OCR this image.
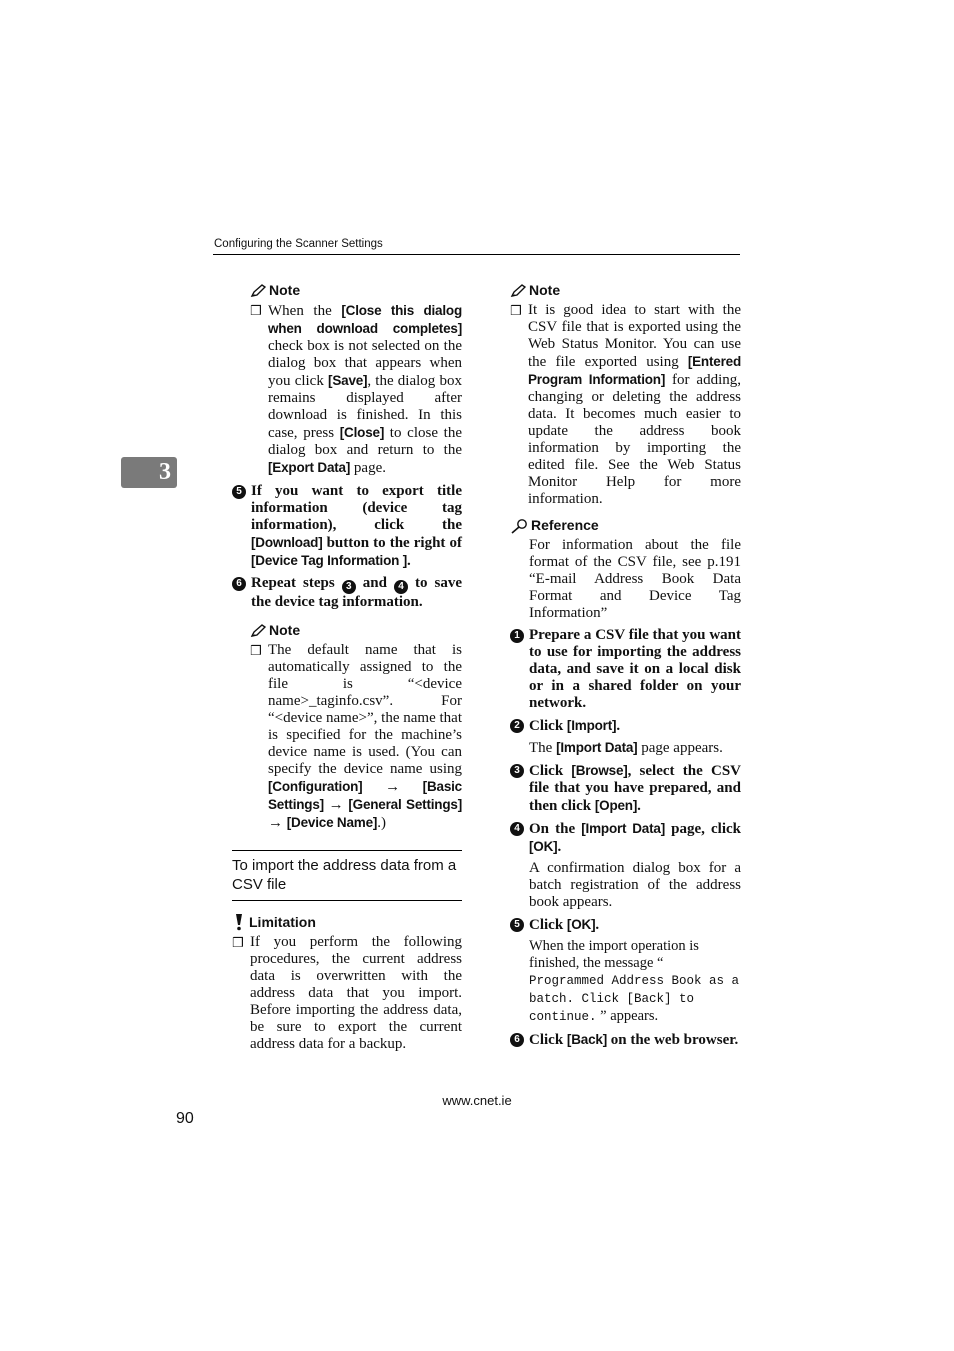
Configuring the Scanner Settings
3
Note
❒ When the [Close this dialog when download completes] check box is not selected on the dialog box that appears when you click [Save], the dialog box remains displayed after download is finished. In this case, press [Close] to close the dialog box and return to the [Export Data] page.
5 If you want to export title information (device tag information), click the [Download] button to the right of [Device Tag Information ].
6 Repeat steps 3 and 4 to save the device tag information.
Note
❒ The default name that is automatically assigned to the file is “<device name>_taginfo.csv”. For “<device name>”, the name that is specified for the machine’s device name is used. (You can specify the device name using [Configuration] → [Basic Settings] → [General Settings] → [Device Name].)
To import the address data from a CSV file
Limitation
❒ If you perform the following procedures, the current address data is overwritten with the address data that you import. Before importing the address data, be sure to export the current address data for a backup.
Note
❒ It is good idea to start with the CSV file that is exported using the Web Status Monitor. You can use the file exported using [Entered Program Information] for adding, changing or deleting the address data. It becomes much easier to update the address book information by importing the edited file. See the Web Status Monitor Help for more information.
Reference
For information about the file format of the CSV file, see p.191 “E-mail Address Book Data Format and Device Tag Information”
1 Prepare a CSV file that you want to use for importing the address data, and save it on a local disk or in a shared folder on your network.
2 Click [Import].
The [Import Data] page appears.
3 Click [Browse], select the CSV file that you have prepared, and then click [Open].
4 On the [Import Data] page, click [OK].
A confirmation dialog box for a batch registration of the address book appears.
5 Click [OK].
When the import operation is finished, the message “ Programmed Address Book as a batch. Click [Back] to continue. ” appears.
6 Click [Back] on the web browser.
www.cnet.ie
90
